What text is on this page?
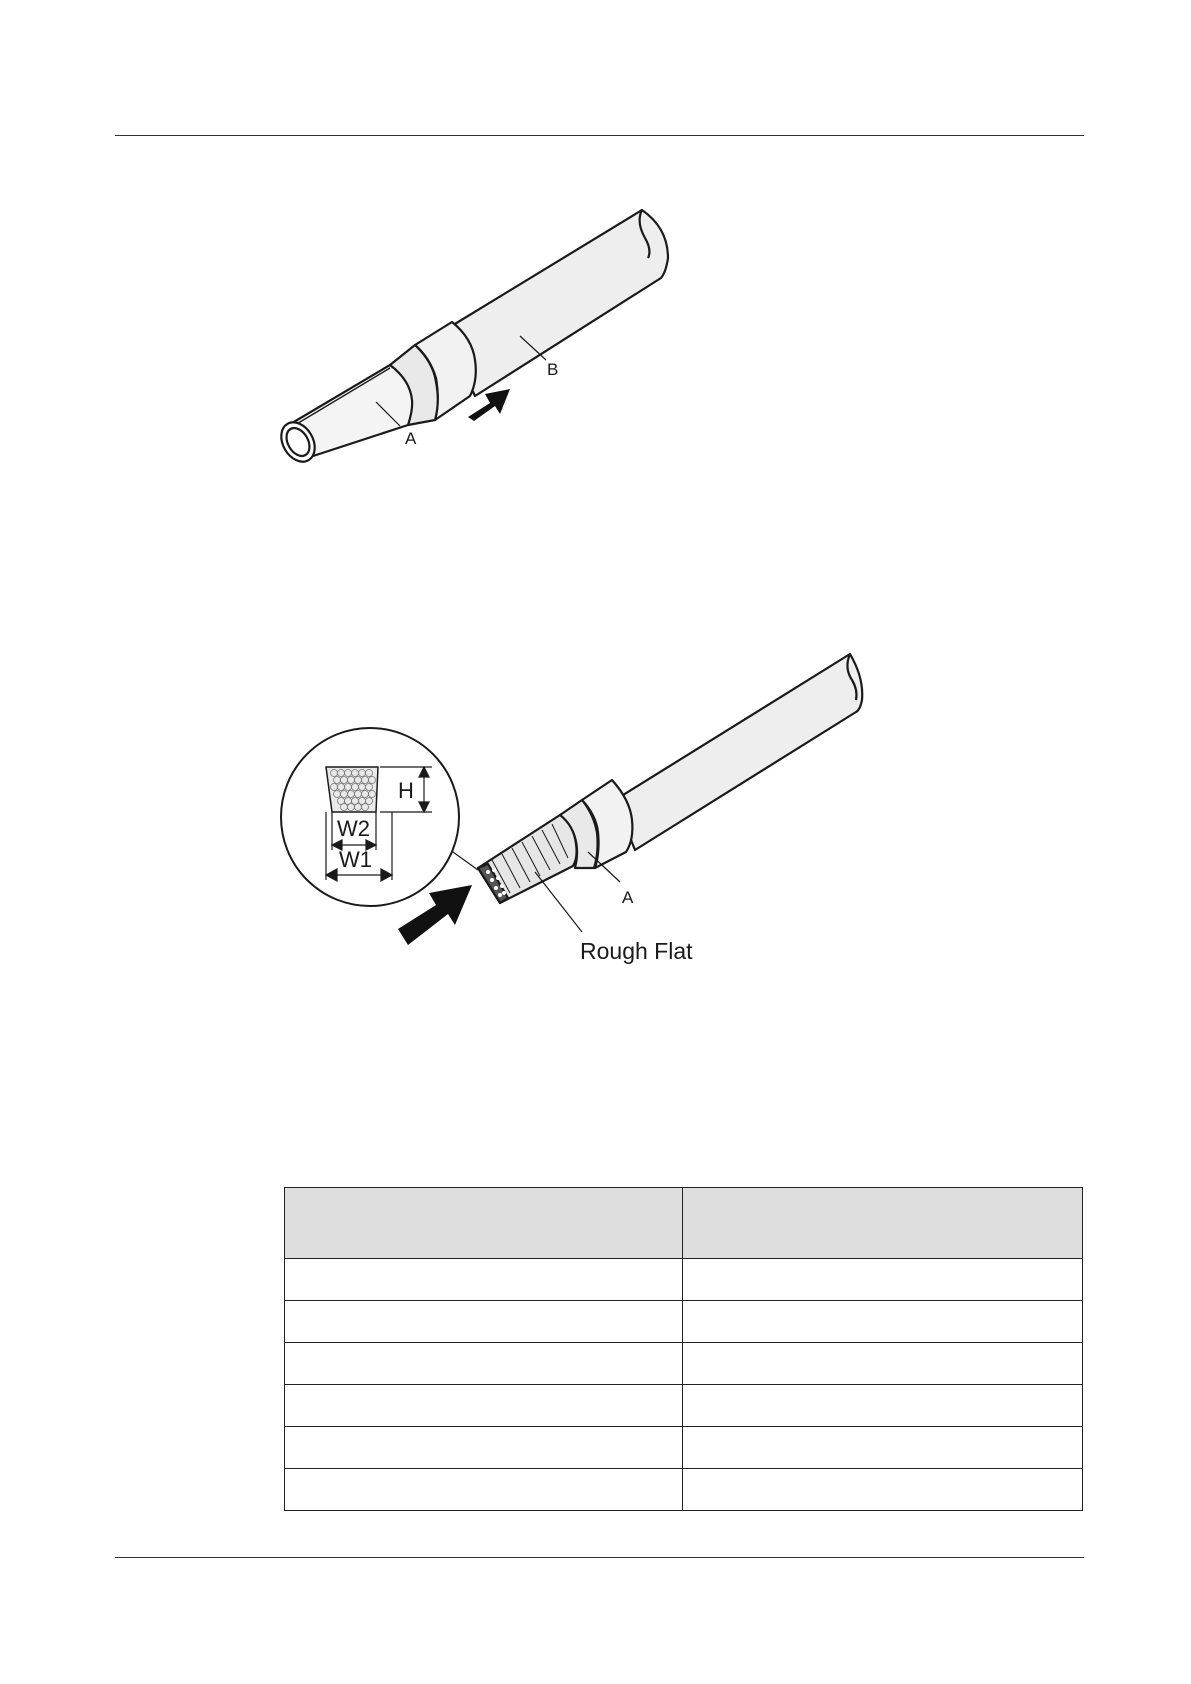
A
B
H
W2
W1
A
Rough Flat
